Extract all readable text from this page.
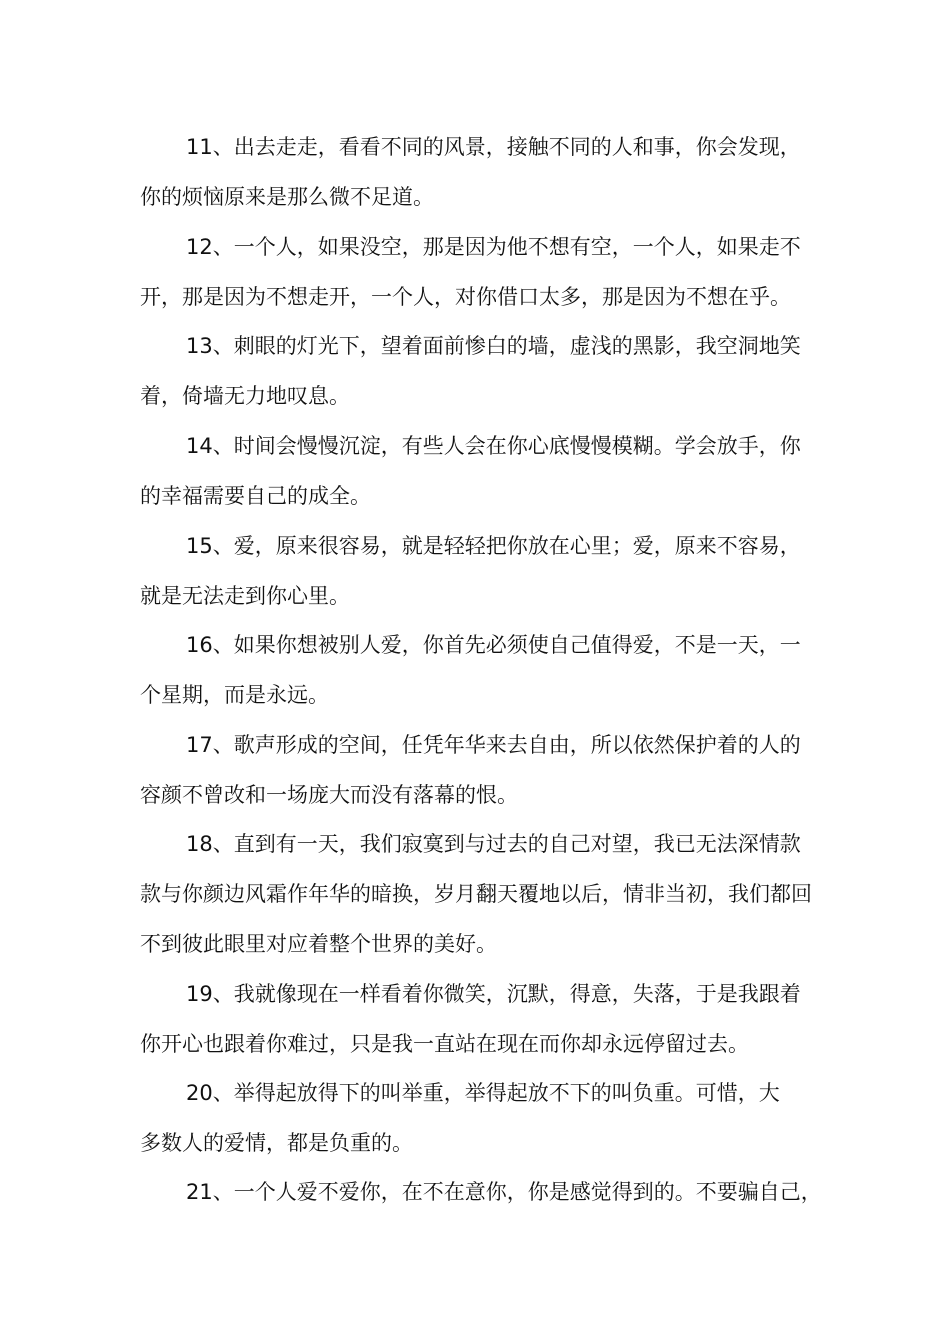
11、出去走走，看看不同的风景，接触不同的人和事，你会发现，
你的烦恼原来是那么微不足道。
12、一个人，如果没空，那是因为他不想有空，一个人，如果走不
开，那是因为不想走开，一个人，对你借口太多，那是因为不想在乎。
13、刺眼的灯光下，望着面前惨白的墙，虚浅的黑影，我空洞地笑
着，倚墙无力地叹息。
14、时间会慢慢沉淀，有些人会在你心底慢慢模糊。学会放手，你
的幸福需要自己的成全。
15、爱，原来很容易，就是轻轻把你放在心里；爱，原来不容易，
就是无法走到你心里。
16、如果你想被别人爱，你首先必须使自己值得爱，不是一天，一
个星期，而是永远。
17、歌声形成的空间，任凭年华来去自由，所以依然保护着的人的
容颜不曾改和一场庞大而没有落幕的恨。
18、直到有一天，我们寂寞到与过去的自己对望，我已无法深情款
款与你颜边风霜作年华的暗换，岁月翻天覆地以后，情非当初，我们都回
不到彼此眼里对应着整个世界的美好。
19、我就像现在一样看着你微笑，沉默，得意，失落，于是我跟着
你开心也跟着你难过，只是我一直站在现在而你却永远停留过去。
20、举得起放得下的叫举重，举得起放不下的叫负重。可惜，大
多数人的爱情，都是负重的。
21、一个人爱不爱你，在不在意你，你是感觉得到的。不要骗自己，
